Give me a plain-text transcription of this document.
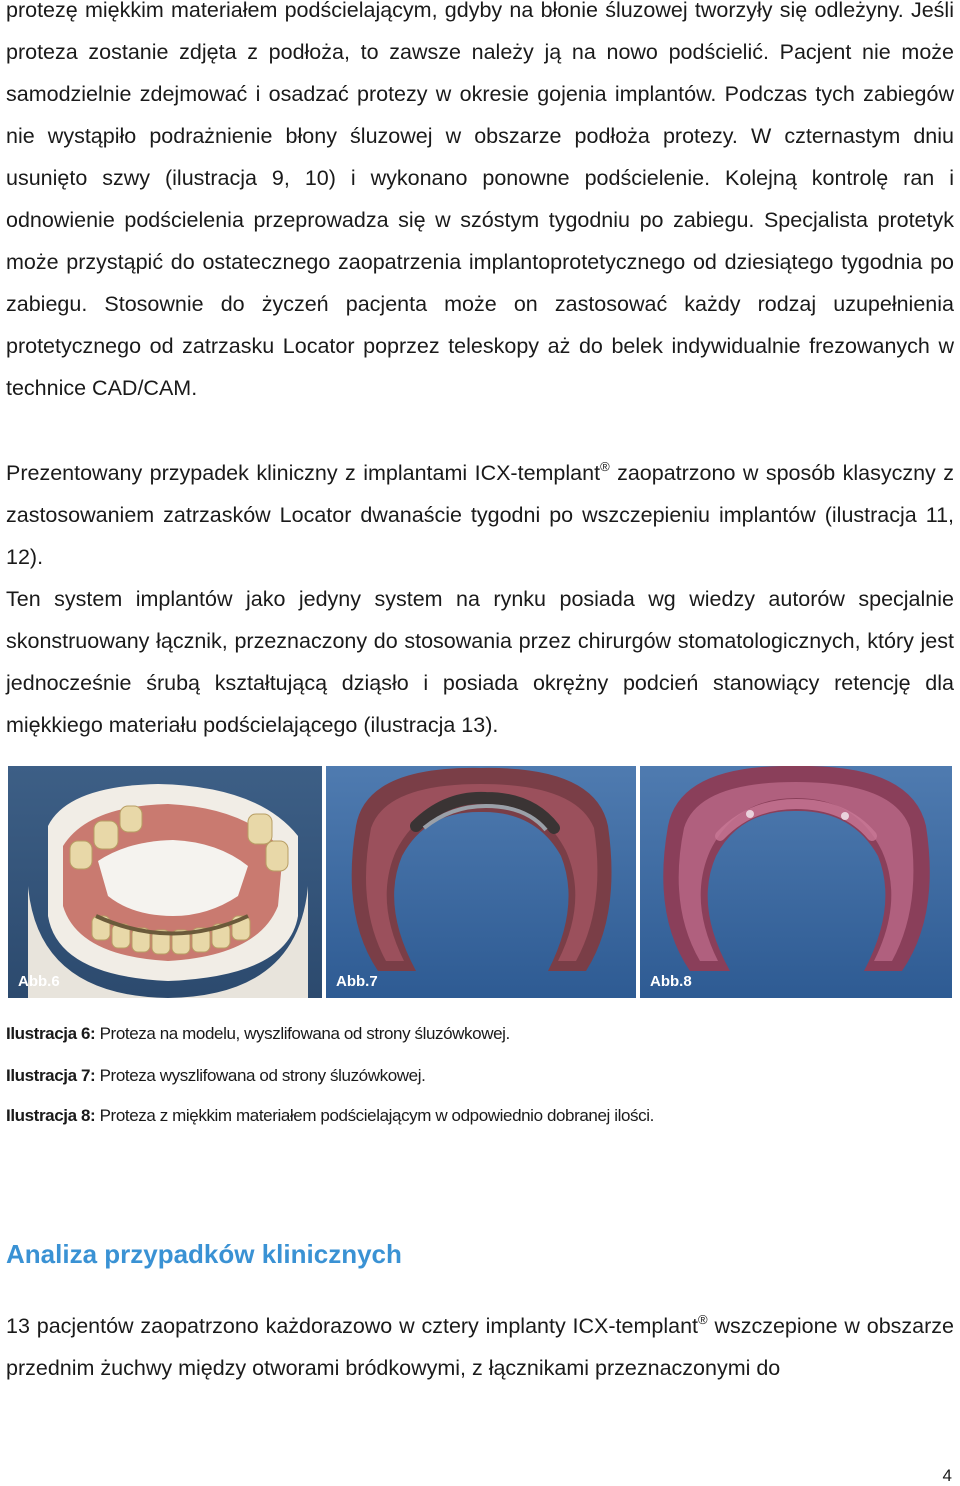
protezę miękkim materiałem podścielającym, gdyby na błonie śluzowej tworzyły się odleżyny. Jeśli proteza zostanie zdjęta z podłoża, to zawsze należy ją na nowo podścielić. Pacjent nie może samodzielnie zdejmować i osadzać protezy w okresie gojenia implantów. Podczas tych zabiegów nie wystąpiło podrażnienie błony śluzowej w obszarze podłoża protezy. W czternastym dniu usunięto szwy (ilustracja 9, 10) i wykonano ponowne podścielenie. Kolejną kontrolę ran i odnowienie podścielenia przeprowadza się w szóstym tygodniu po zabiegu. Specjalista protetyk może przystąpić do ostatecznego zaopatrzenia implantoprotetycznego od dziesiątego tygodnia po zabiegu. Stosownie do życzeń pacjenta może on zastosować każdy rodzaj uzupełnienia protetycznego od zatrzasku Locator poprzez teleskopy aż do belek indywidualnie frezowanych w technice CAD/CAM.

Prezentowany przypadek kliniczny z implantami ICX-templant® zaopatrzono w sposób klasyczny z zastosowaniem zatrzasków Locator dwanaście tygodni po wszczepieniu implantów (ilustracja 11, 12).

Ten system implantów jako jedyny system na rynku posiada wg wiedzy autorów specjalnie skonstruowany łącznik, przeznaczony do stosowania przez chirurgów stomatologicznych, który jest jednocześnie śrubą kształtującą dziąsło i posiada okrężny podcień stanowiący retencję dla miękkiego materiału podścielającego (ilustracja 13).

Abb.6	Abb.7	Abb.8
Ilustracja 6: Proteza na modelu, wyszlifowana od strony śluzówkowej.
Ilustracja 7: Proteza wyszlifowana od strony śluzówkowej.
Ilustracja 8: Proteza z miękkim materiałem podścielającym w odpowiednio dobranej ilości.
Analiza przypadków klinicznych

13 pacjentów zaopatrzono każdorazowo w cztery implanty ICX-templant® wszczepione w obszarze przednim żuchwy między otworami bródkowymi, z łącznikami przeznaczonymi do

4
